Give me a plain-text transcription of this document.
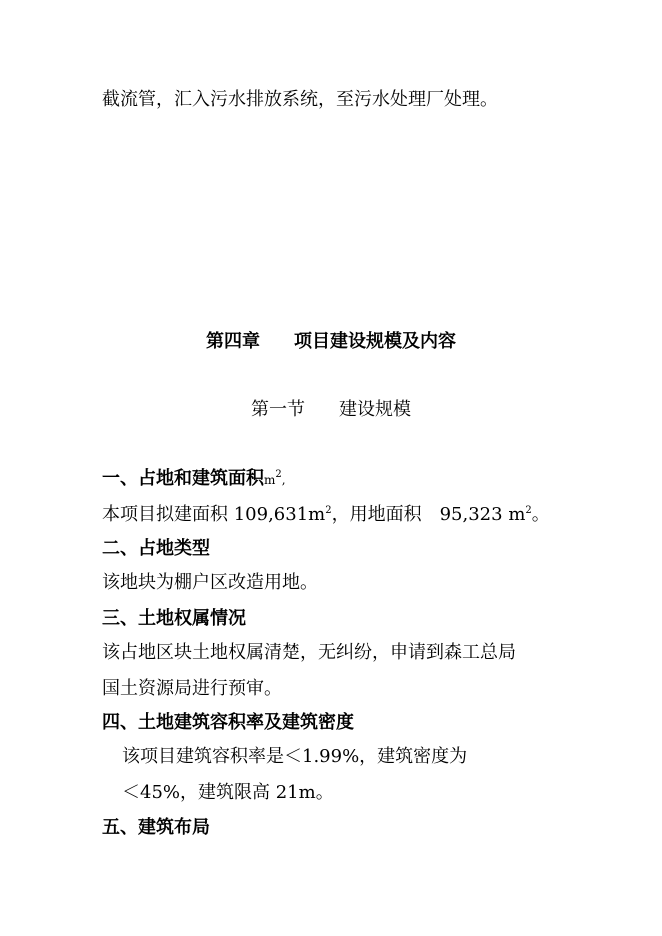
截流管，汇入污水排放系统，至污水处理厂处理。
第四章 项目建设规模及内容
第一节 建设规模
一、占地和建筑面积$m^2$,
本项目拟建面积 $109,631m^2$，用地面积　95,323 $m^2$。
二、占地类型
该地块为棚户区改造用地。
三、土地权属情况
该占地区块土地权属清楚，无纠纷，申请到森工总局
国土资源局进行预审。
四、土地建筑容积率及建筑密度
该项目建筑容积率是＜1.99%，建筑密度为
＜45%，建筑限高 21m。
五、建筑布局
